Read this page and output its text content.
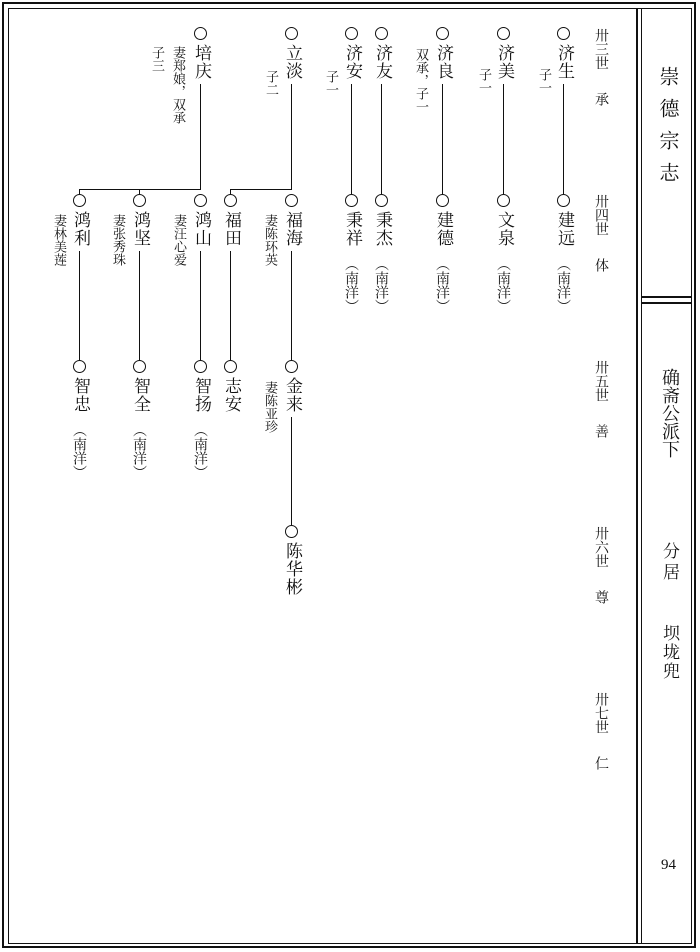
崇德宗志
确斋公派下
分居
坝垅兜
94
卅三世
承
卅四世
体
卅五世
善
卅六世
尊
卅七世
仁
济生
子一
济美
子一
济良
双承，子一
济友
济安
子一
立淡
子二
培庆
妻郑娘，双承
子三
建远
（南洋）
文泉
（南洋）
建德
（南洋）
秉杰
（南洋）
秉祥
（南洋）
福海
妻陈环英
福田
鸿山
妻汪心爱
鸿坚
妻张秀珠
鸿利
妻林美莲
金来
妻陈亚珍
志安
智扬
（南洋）
智全
（南洋）
智忠
（南洋）
陈华彬
